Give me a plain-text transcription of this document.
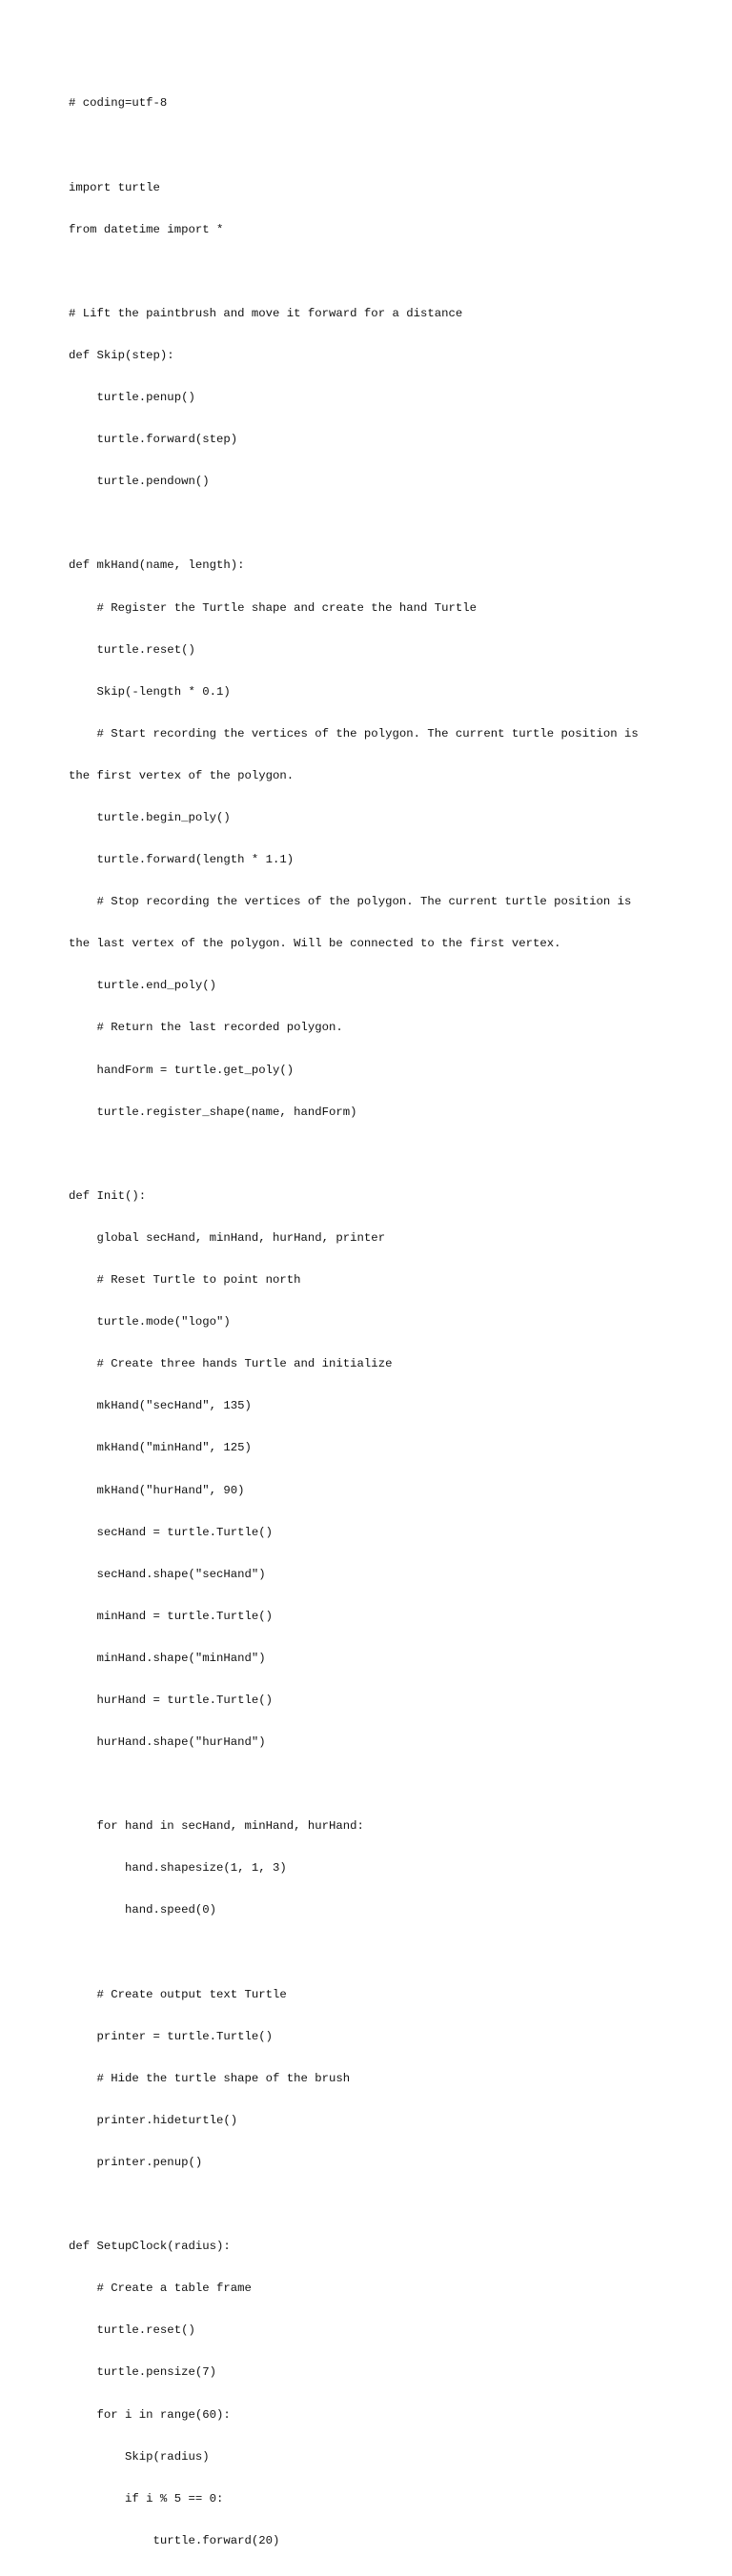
# coding=utf-8

import turtle

from datetime import *

# Lift the paintbrush and move it forward for a distance

def Skip(step):

turtle.penup()

turtle.forward(step)

turtle.pendown()

def mkHand(name, length):

# Register the Turtle shape and create the hand Turtle

turtle.reset()

Skip(-length * 0.1)

# Start recording the vertices of the polygon. The current turtle position is

the first vertex of the polygon.

turtle.begin_poly()

turtle.forward(length * 1.1)

# Stop recording the vertices of the polygon. The current turtle position is

the last vertex of the polygon. Will be connected to the first vertex.

turtle.end_poly()

# Return the last recorded polygon.

handForm = turtle.get_poly()

turtle.register_shape(name, handForm)

def Init():

global secHand, minHand, hurHand, printer

# Reset Turtle to point north

turtle.mode("logo")

# Create three hands Turtle and initialize

mkHand("secHand", 135)

mkHand("minHand", 125)

mkHand("hurHand", 90)

secHand = turtle.Turtle()

secHand.shape("secHand")

minHand = turtle.Turtle()

minHand.shape("minHand")

hurHand = turtle.Turtle()

hurHand.shape("hurHand")

for hand in secHand, minHand, hurHand:

hand.shapesize(1, 1, 3)

hand.speed(0)

# Create output text Turtle

printer = turtle.Turtle()

# Hide the turtle shape of the brush

printer.hideturtle()

printer.penup()

def SetupClock(radius):

# Create a table frame

turtle.reset()

turtle.pensize(7)

for i in range(60):

Skip(radius)

if i % 5 == 0:

turtle.forward(20)
